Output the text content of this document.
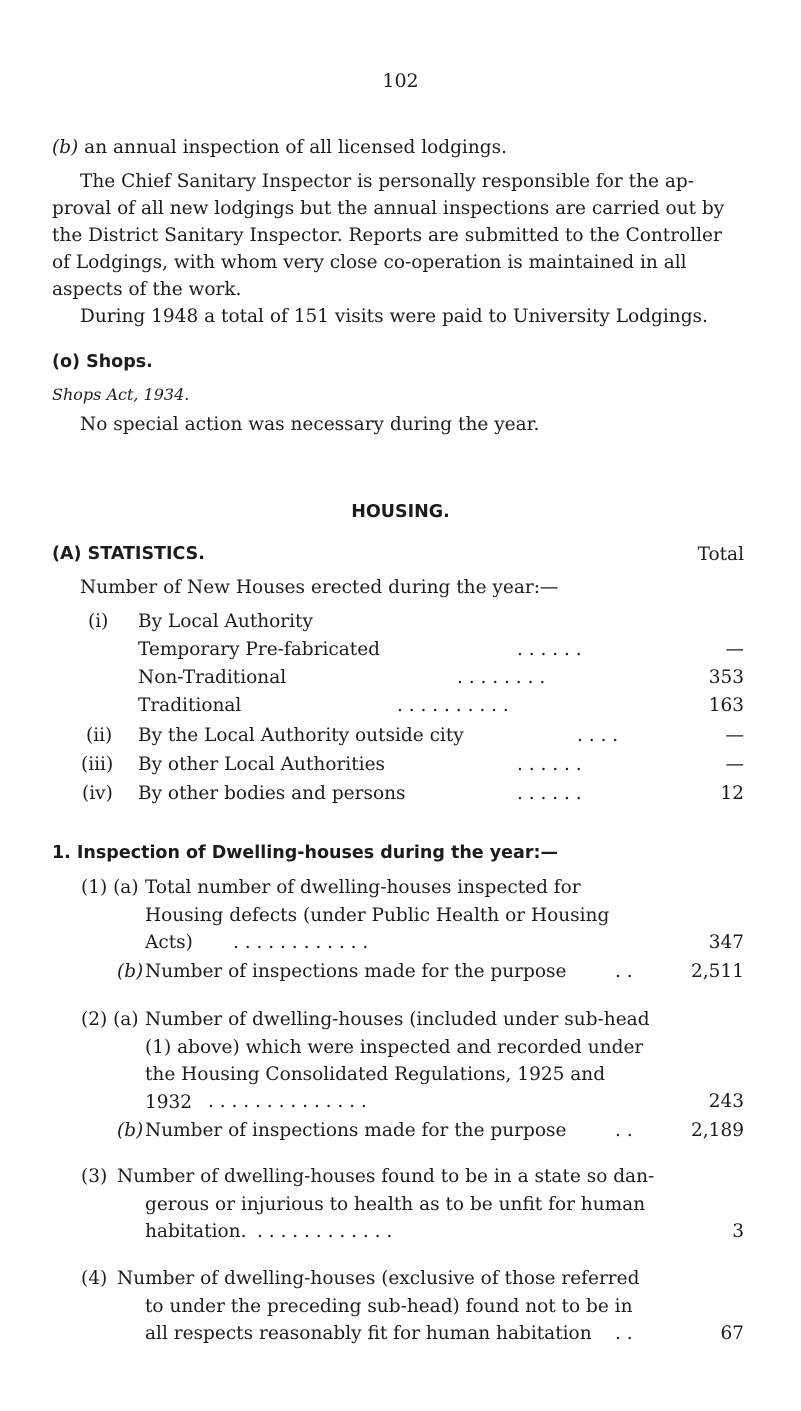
102
(b) an annual inspection of all licensed lodgings.
The Chief Sanitary Inspector is personally responsible for the ap-
proval of all new lodgings but the annual inspections are carried out by
the District Sanitary Inspector. Reports are submitted to the Controller
of Lodgings, with whom very close co-operation is maintained in all
aspects of the work.
During 1948 a total of 151 visits were paid to University Lodgings.
(o) Shops.
Shops Act, 1934.
No special action was necessary during the year.
HOUSING.
(A) STATISTICS.	Total
Number of New Houses erected during the year:—
(i) By Local Authority
Temporary Pre-fabricated	. . . . . .	—
Non-Traditional	. . . . . . . .	353
Traditional	. . . . . . . . . .	163
(ii) By the Local Authority outside city	. . . .	—
(iii) By other Local Authorities	. . . . . .	—
(iv) By other bodies and persons	. . . . . .	12
1. Inspection of Dwelling-houses during the year:—
(1) (a) Total number of dwelling-houses inspected for
Housing defects (under Public Health or Housing
Acts)	. . . . . . . . . . . .	347
(b) Number of inspections made for the purpose	. .	2,511
(2) (a) Number of dwelling-houses (included under sub-head
(1) above) which were inspected and recorded under
the Housing Consolidated Regulations, 1925 and
1932 . . . . . . . . . . . . . .	243
(b) Number of inspections made for the purpose	. .	2,189
(3) Number of dwelling-houses found to be in a state so dan-
gerous or injurious to health as to be unfit for human
habitation. . . . . . . . . . . . .	3
(4) Number of dwelling-houses (exclusive of those referred
to under the preceding sub-head) found not to be in
all respects reasonably fit for human habitation	. .	67
